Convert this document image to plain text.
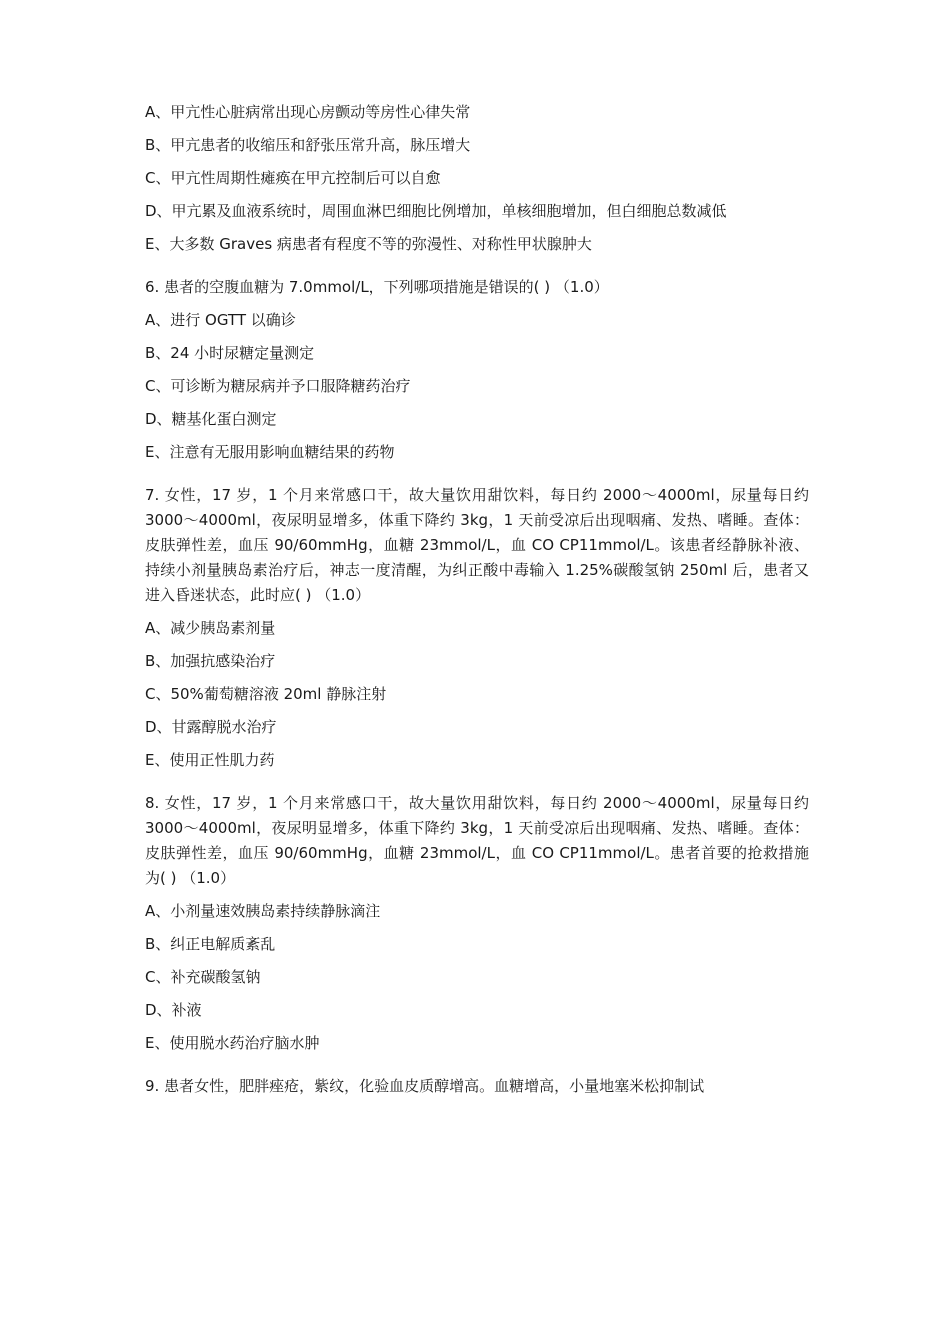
A、甲亢性心脏病常出现心房颤动等房性心律失常

B、甲亢患者的收缩压和舒张压常升高，脉压增大

C、甲亢性周期性瘫痪在甲亢控制后可以自愈

D、甲亢累及血液系统时，周围血淋巴细胞比例增加，单核细胞增加，但白细胞总数减低

E、大多数 Graves 病患者有程度不等的弥漫性、对称性甲状腺肿大

6. 患者的空腹血糖为 7.0mmol/L，下列哪项措施是错误的( ) （1.0）

A、进行 OGTT 以确诊

B、24 小时尿糖定量测定

C、可诊断为糖尿病并予口服降糖药治疗

D、糖基化蛋白测定

E、注意有无服用影响血糖结果的药物

7. 女性，17 岁，1 个月来常感口干，故大量饮用甜饮料，每日约 2000～4000ml，尿量每日约 3000～4000ml，夜尿明显增多，体重下降约 3kg，1 天前受凉后出现咽痛、发热、嗜睡。查体：皮肤弹性差，血压 90/60mmHg，血糖 23mmol/L，血 CO CP11mmol/L。该患者经静脉补液、持续小剂量胰岛素治疗后，神志一度清醒，为纠正酸中毒输入 1.25%碳酸氢钠 250ml 后，患者又进入昏迷状态，此时应( ) （1.0）

A、减少胰岛素剂量

B、加强抗感染治疗

C、50%葡萄糖溶液 20ml 静脉注射

D、甘露醇脱水治疗

E、使用正性肌力药

8. 女性，17 岁，1 个月来常感口干，故大量饮用甜饮料，每日约 2000～4000ml，尿量每日约 3000～4000ml，夜尿明显增多，体重下降约 3kg，1 天前受凉后出现咽痛、发热、嗜睡。查体：皮肤弹性差，血压 90/60mmHg，血糖 23mmol/L，血 CO CP11mmol/L。患者首要的抢救措施为( ) （1.0）

A、小剂量速效胰岛素持续静脉滴注

B、纠正电解质紊乱

C、补充碳酸氢钠

D、补液

E、使用脱水药治疗脑水肿

9. 患者女性，肥胖痤疮，紫纹，化验血皮质醇增高。血糖增高，小量地塞米松抑制试
